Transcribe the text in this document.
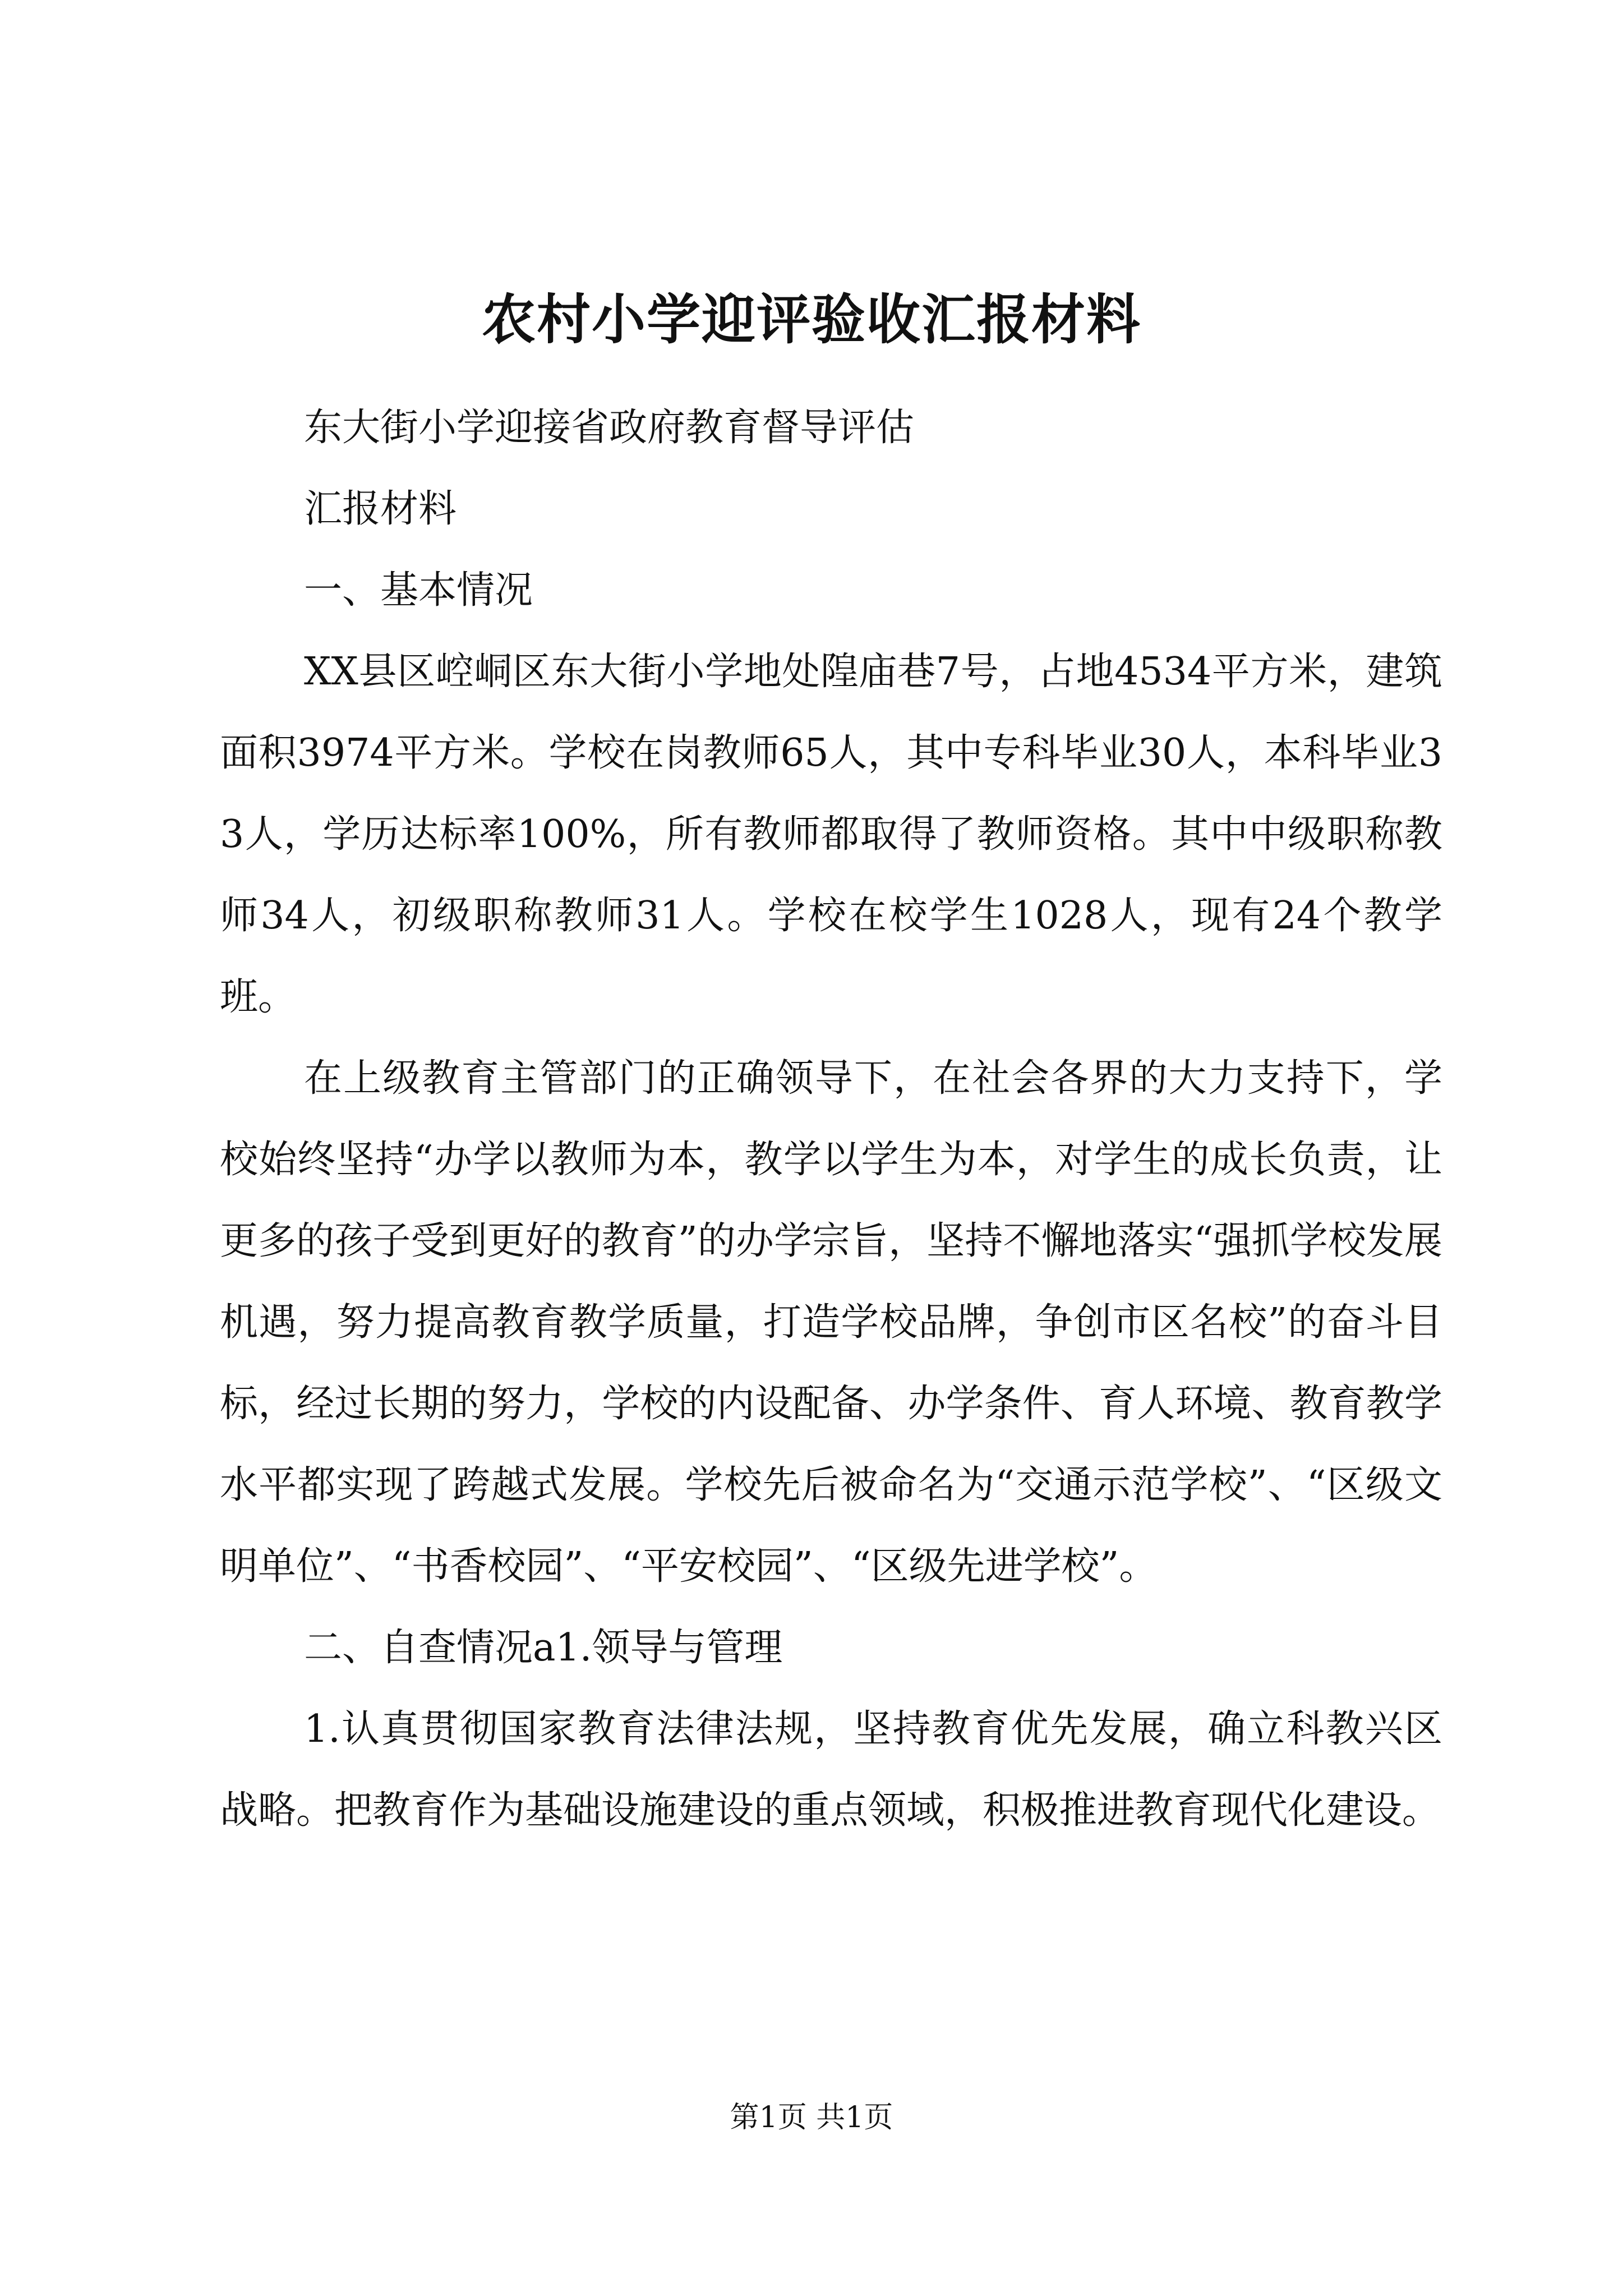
农村小学迎评验收汇报材料

东大街小学迎接省政府教育督导评估

汇报材料

一、基本情况

XX县区崆峒区东大街小学地处隍庙巷7号，占地4534平方米，建筑面积3974平方米。学校在岗教师65人，其中专科毕业30人，本科毕业33人，学历达标率100%，所有教师都取得了教师资格。其中中级职称教师34人，初级职称教师31人。学校在校学生1028人，现有24个教学班。

在上级教育主管部门的正确领导下，在社会各界的大力支持下，学校始终坚持“办学以教师为本，教学以学生为本，对学生的成长负责，让更多的孩子受到更好的教育”的办学宗旨，坚持不懈地落实“强抓学校发展机遇，努力提高教育教学质量，打造学校品牌，争创市区名校”的奋斗目标，经过长期的努力，学校的内设配备、办学条件、育人环境、教育教学水平都实现了跨越式发展。学校先后被命名为“交通示范学校”、“区级文明单位”、“书香校园”、“平安校园”、“区级先进学校”。

二、自查情况a1.领导与管理

1.认真贯彻国家教育法律法规，坚持教育优先发展，确立科教兴区战略。把教育作为基础设施建设的重点领域，积极推进教育现代化建设。

第1页 共1页
